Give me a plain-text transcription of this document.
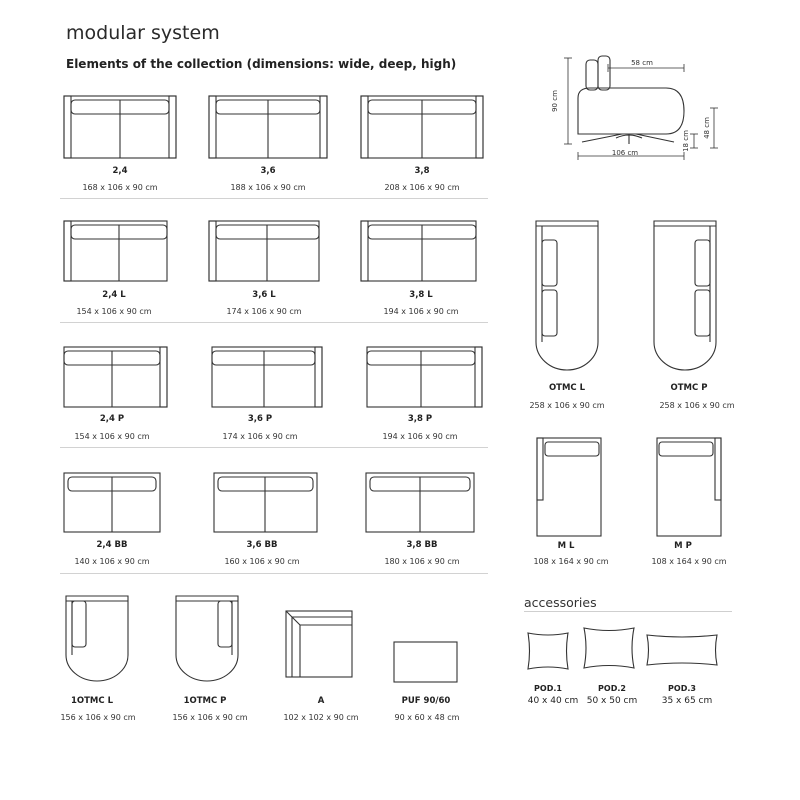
modular system
Elements of the collection (dimensions: wide, deep, high)
90 cm
58 cm
106 cm
18 cm
48 cm
2,4
168 x 106 x 90 cm
3,6
188 x 106 x 90 cm
3,8
208 x 106 x 90 cm
2,4 L
154 x 106 x 90 cm
3,6 L
174 x 106 x 90 cm
3,8 L
194 x 106 x 90 cm
2,4 P
154 x 106 x 90 cm
3,6 P
174 x 106 x 90 cm
3,8 P
194 x 106 x 90 cm
2,4 BB
140 x 106 x 90 cm
3,6 BB
160 x 106 x 90 cm
3,8 BB
180 x 106 x 90 cm
OTMC L
258 x 106 x 90 cm
OTMC P
258 x 106 x 90 cm
M L
108 x 164 x 90 cm
M P
108 x 164 x 90 cm
1OTMC L
156 x 106 x 90 cm
1OTMC P
156 x 106 x 90 cm
A
102 x 102 x 90 cm
PUF 90/60
90 x 60 x 48 cm
accessories
POD.1
40 x 40 cm
POD.2
50 x 50 cm
POD.3
35 x 65 cm
